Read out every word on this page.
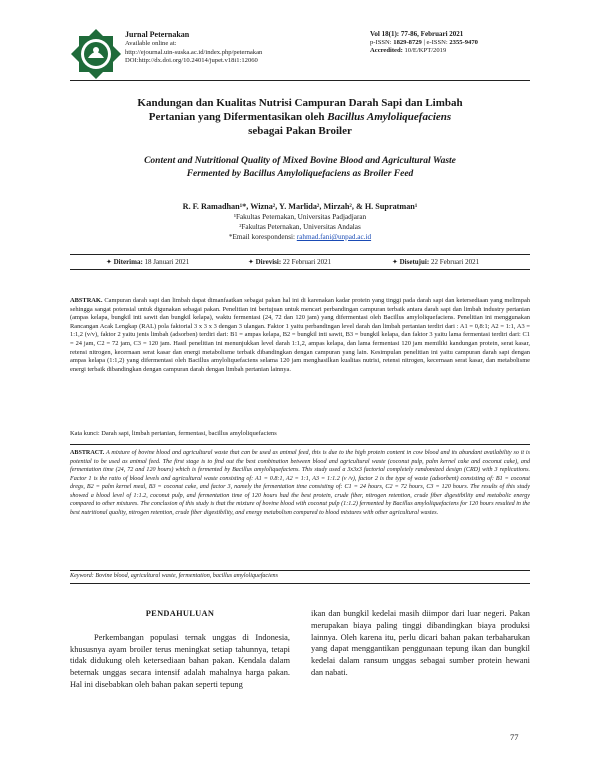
Jurnal Peternakan
Available online at:
http://ejournal.uin-suska.ac.id/index.php/peternakan
DOI:http://dx.doi.org/10.24014/jupet.v18i1:12060
Vol 18(1): 77-86, Februari 2021
p-ISSN: 1829-8729 | e-ISSN: 2355-9470
Accredited: 10/E/KPT/2019
Kandungan dan Kualitas Nutrisi Campuran Darah Sapi dan Limbah
Pertanian yang Difermentasikan oleh Bacillus Amyloliquefaciens
sebagai Pakan Broiler
Content and Nutritional Quality of Mixed Bovine Blood and Agricultural Waste
Fermented by Bacillus Amyloliquefaciens as Broiler Feed
R. F. Ramadhan¹*, Wizna², Y. Marlida², Mirzah², & H. Supratman¹
¹Fakultas Peternakan, Universitas Padjadjaran
²Fakultas Peternakan, Universitas Andalas
*Email korespondensi: rahmad.fani@unpad.ac.id
✦ Diterima: 18 Januari 2021	✦ Direvisi: 22 Februari 2021	✦ Disetujui: 22 Februari 2021
ABSTRAK. Campuran darah sapi dan limbah dapat dimanfaatkan sebagai pakan hal ini di karenakan kadar protein yang tinggi pada darah sapi dan ketersediaan yang melimpah sehingga sangat potensial untuk digunakan sebagai pakan. Penelitian ini bertujuan untuk mencari perbandingan campuran terbaik antara darah sapi dan limbah industry pertanian (ampas kelapa, bungkil inti sawit dan bungkil kelapa), waktu fermentasi (24, 72 dan 120 jam) yang difermentasi oleh Bacillus amyloliquefaciens. Penelitian ini menggunakan Rancangan Acak Lengkap (RAL) pola faktorial 3 x 3 x 3 dengan 3 ulangan. Faktor 1 yaitu perbandingan level darah dan limbah pertanian terdiri dari : A1 = 0,8:1; A2 = 1:1, A3 = 1:1,2 (v/v), faktor 2 yaitu jenis limbah (adsorben) terdiri dari: B1 = ampas kelapa, B2 = bungkil inti sawit, B3 = bungkil kelapa, dan faktor 3 yaitu lama fermentasi terdiri dari: C1 = 24 jam, C2 = 72 jam, C3 = 120 jam. Hasil penelitian ini menunjukkan level darah 1:1,2, ampas kelapa, dan lama fermentasi 120 jam memiliki kandungan protein, serat kasar, retensi nitrogen, kecernaan serat kasar dan energi metabolisme terbaik dibandingkan dengan campuran yang lain. Kesimpulan penelitian ini yaitu campuran darah sapi dengan ampas kelapa (1:1,2) yang difermentasi oleh Bacillus amyloliquefaciens selama 120 jam menghasilkan kualitas nutrisi, retensi nitrogen, kecernaan serat kasar, dan metabolisme energi terbaik dibandingkan dengan campuran darah dengan limbah pertanian lainnya.
Kata kunci: Darah sapi, limbah pertanian, fermentasi, bacillus amyloliquefaciens
ABSTRACT. A mixture of bovine blood and agricultural waste that can be used as animal feed, this is due to the high protein content in cow blood and its abundant availability so it is potential to be used as animal feed. The first stage is to find out the best combination between blood and agricultural waste (coconut pulp, palm kernel cake and coconut cake), and fermentation time (24, 72 and 120 hours) which is fermented by Bacillus amyloliquefaciens. This study used a 3x3x3 factorial completely randomized design (CRD) with 3 replications. Factor 1 is the ratio of blood levels and agricultural waste consisting of: A1 = 0.8:1, A2 = 1:1, A3 = 1:1.2 (v /v), factor 2 is the type of waste (adsorbent) consisting of: B1 = coconut dregs, B2 = palm kernel meal, B3 = coconut cake, and factor 3, namely the fermentation time consisting of: C1 = 24 hours, C2 = 72 hours, C3 = 120 hours. The results of this study showed a blood level of 1:1.2, coconut pulp, and fermentation time of 120 hours had the best protein, crude fiber, nitrogen retention, crude fiber digestibility and metabolic energy compared to other mixtures. The conclusion of this study is that the mixture of bovine blood with coconut pulp (1:1.2) fermented by Bacillus amyloliquefaciens for 120 hours resulted in the best nutritional quality, nitrogen retention, crude fiber digestibility, and energy metabolism compared to blood mixtures with other agricultural wastes.
Keyword: Bovine blood, agricultural waste, fermentation, bacillus amyloliquefaciens
PENDAHULUAN

Perkembangan populasi ternak unggas di Indonesia, khususnya ayam broiler terus meningkat setiap tahunnya, tetapi tidak didukung oleh ketersediaan bahan pakan. Kendala dalam beternak unggas secara intensif adalah mahalnya harga pakan. Hal ini disebabkan oleh bahan pakan seperti tepung

ikan dan bungkil kedelai masih diimpor dari luar negeri. Pakan merupakan biaya paling tinggi dibandingkan biaya produksi lainnya. Oleh karena itu, perlu dicari bahan pakan terbaharukan yang dapat menggantikan penggunaan tepung ikan dan bungkil kedelai dalam ransum unggas sebagai sumber protein hewani dan nabati.
77
